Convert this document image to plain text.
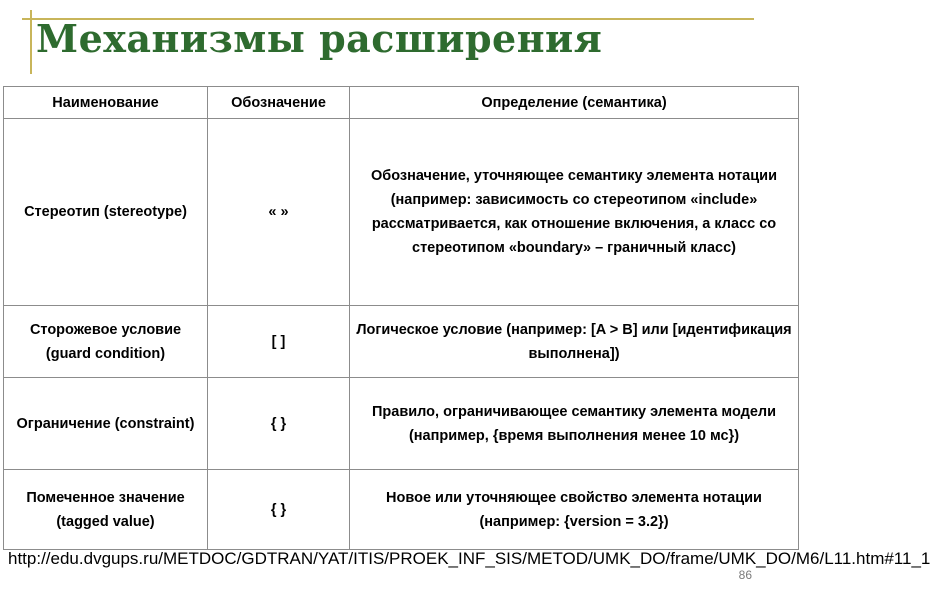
Механизмы расширения
Наименование	Обозначение	Определение (семантика)
Стереотип (stereotype)	« »	Обозначение, уточняющее семантику элемента нотации (например: зависимость со стереотипом «include» рассматривается, как отношение включения, а класс со стереотипом «boundary» – граничный класс)
Сторожевое условие (guard condition)	[ ]	Логическое условие (например: [A > B] или [идентификация выполнена])
Ограничение (constraint)	{ }	Правило, ограничивающее семантику элемента модели (например, {время выполнения менее 10 мс})
Помеченное значение (tagged value)	{ }	Новое или уточняющее свойство элемента нотации (например: {version = 3.2})
http://edu.dvgups.ru/METDOC/GDTRAN/YAT/ITIS/PROEK_INF_SIS/METOD/UMK_DO/frame/UMK_DO/M6/L11.htm#11_1
86
